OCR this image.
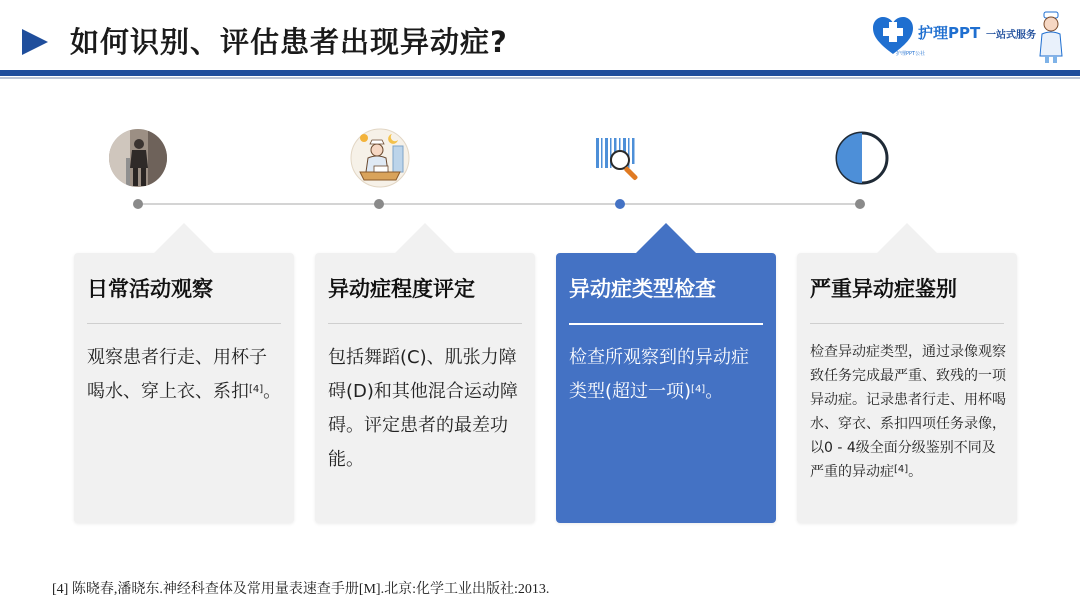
如何识别、评估患者出现异动症?	护理PPT 一站式服务
护理PPT公社
日常活动观察
观察患者行走、用杯子喝水、穿上衣、系扣[4]。
异动症程度评定
包括舞蹈(C)、肌张力障碍(D)和其他混合运动障碍。评定患者的最差功能。
异动症类型检查
检查所观察到的异动症类型(超过一项)[4]。
严重异动症鉴别
检查异动症类型，通过录像观察致任务完成最严重、致残的一项异动症。记录患者行走、用杯喝水、穿衣、系扣四项任务录像，以0 - 4级全面分级鉴别不同及严重的异动症[4]。
[4] 陈晓春,潘晓东.神经科查体及常用量表速查手册[M].北京:化学工业出版社:2013.
